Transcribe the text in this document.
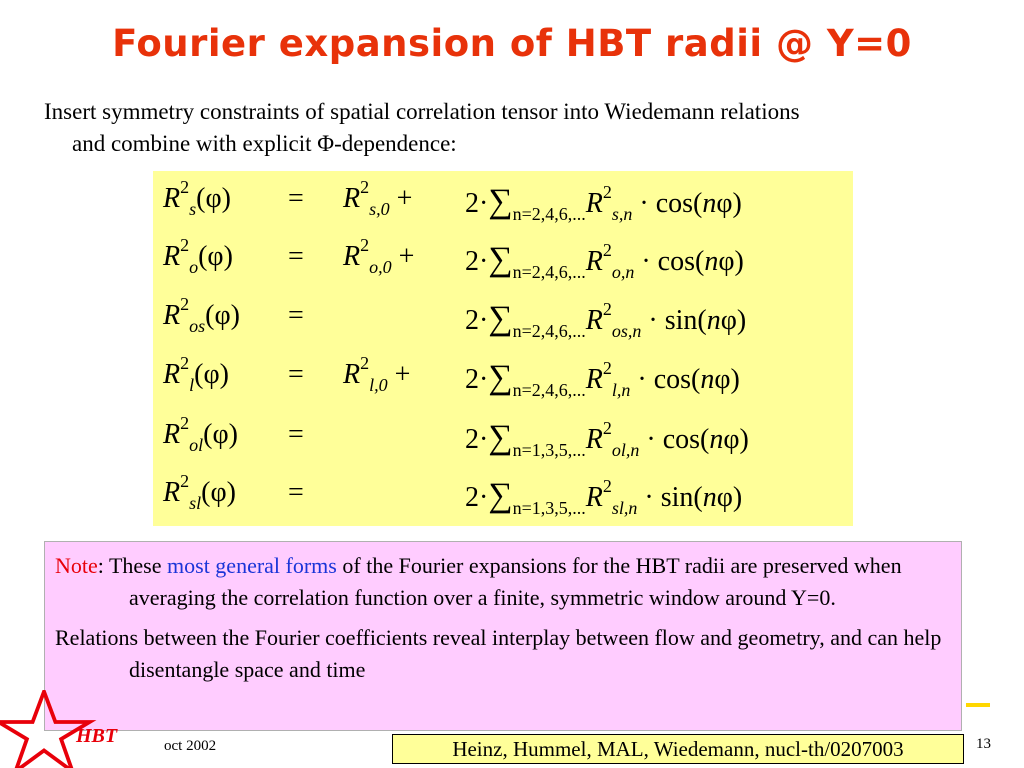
Fourier expansion of HBT radii @ Y=0
Insert symmetry constraints of spatial correlation tensor into Wiedemann relations
and combine with explicit Φ-dependence:
$R^2_s(\varphi) = R^2_{s,0} + 2\cdot\sum_{n=2,4,6,...}R^2_{s,n} \cdot \cos(n\varphi)$
$R^2_o(\varphi) = R^2_{o,0} + 2\cdot\sum_{n=2,4,6,...}R^2_{o,n} \cdot \cos(n\varphi)$
$R^2_{os}(\varphi)$ =	$2\cdot\sum_{n=2,4,6,...}R^2_{os,n} \cdot \sin(n\varphi)$
$R^2_l(\varphi) = R^2_{l,0} + 2\cdot\sum_{n=2,4,6,...}R^2_{l,n} \cdot \cos(n\varphi)$
$R^2_{ol}(\varphi)$ =	$2\cdot\sum_{n=1,3,5,...}R^2_{ol,n} \cdot \cos(n\varphi)$
$R^2_{sl}(\varphi)$ =	$2\cdot\sum_{n=1,3,5,...}R^2_{sl,n} \cdot \sin(n\varphi)$

Note: These most general forms of the Fourier expansions for the HBT radii are preserved when averaging the correlation function over a finite, symmetric window around Y=0.

Relations between the Fourier coefficients reveal interplay between flow and geometry, and can help disentangle space and time

HBT	oct 2002	Heinz, Hummel, MAL, Wiedemann, nucl-th/0207003	13
